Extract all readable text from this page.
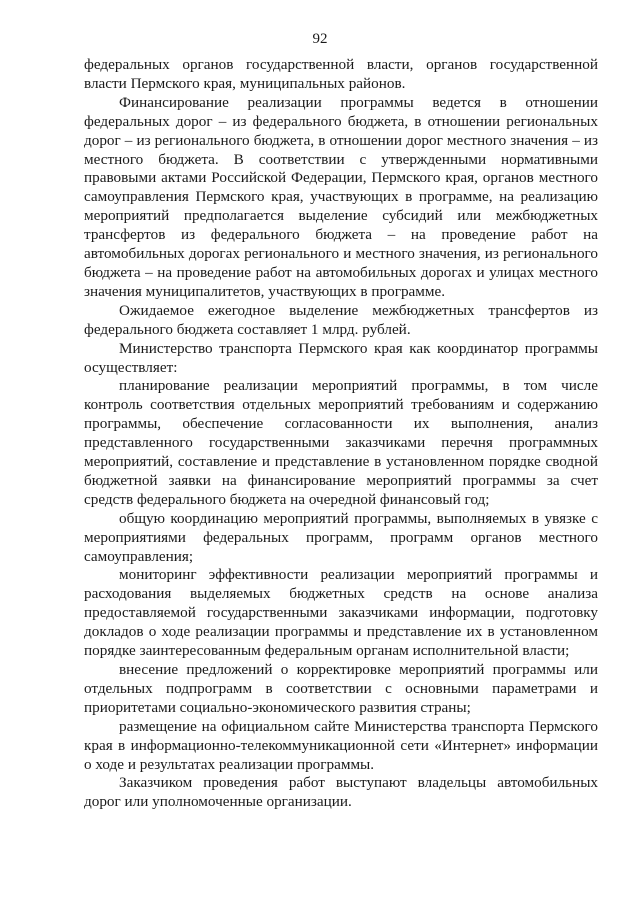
92

федеральных органов государственной власти, органов государственной власти Пермского края, муниципальных районов.

Финансирование реализации программы ведется в отношении федеральных дорог – из федерального бюджета, в отношении региональных дорог – из регионального бюджета, в отношении дорог местного значения – из местного бюджета. В соответствии с утвержденными нормативными правовыми актами Российской Федерации, Пермского края, органов местного самоуправления Пермского края, участвующих в программе, на реализацию мероприятий предполагается выделение субсидий или межбюджетных трансфертов из федерального бюджета – на проведение работ на автомобильных дорогах регионального и местного значения, из регионального бюджета – на проведение работ на автомобильных дорогах и улицах местного значения муниципалитетов, участвующих в программе.

Ожидаемое ежегодное выделение межбюджетных трансфертов из федерального бюджета составляет 1 млрд. рублей.

Министерство транспорта Пермского края как координатор программы осуществляет:

планирование реализации мероприятий программы, в том числе контроль соответствия отдельных мероприятий требованиям и содержанию программы, обеспечение согласованности их выполнения, анализ представленного государственными заказчиками перечня программных мероприятий, составление и представление в установленном порядке сводной бюджетной заявки на финансирование мероприятий программы за счет средств федерального бюджета на очередной финансовый год;

общую координацию мероприятий программы, выполняемых в увязке с мероприятиями федеральных программ, программ органов местного самоуправления;

мониторинг эффективности реализации мероприятий программы и расходования выделяемых бюджетных средств на основе анализа предоставляемой государственными заказчиками информации, подготовку докладов о ходе реализации программы и представление их в установленном порядке заинтересованным федеральным органам исполнительной власти;

внесение предложений о корректировке мероприятий программы или отдельных подпрограмм в соответствии с основными параметрами и приоритетами социально-экономического развития страны;

размещение на официальном сайте Министерства транспорта Пермского края в информационно-телекоммуникационной сети «Интернет» информации о ходе и результатах реализации программы.

Заказчиком проведения работ выступают владельцы автомобильных дорог или уполномоченные организации.
